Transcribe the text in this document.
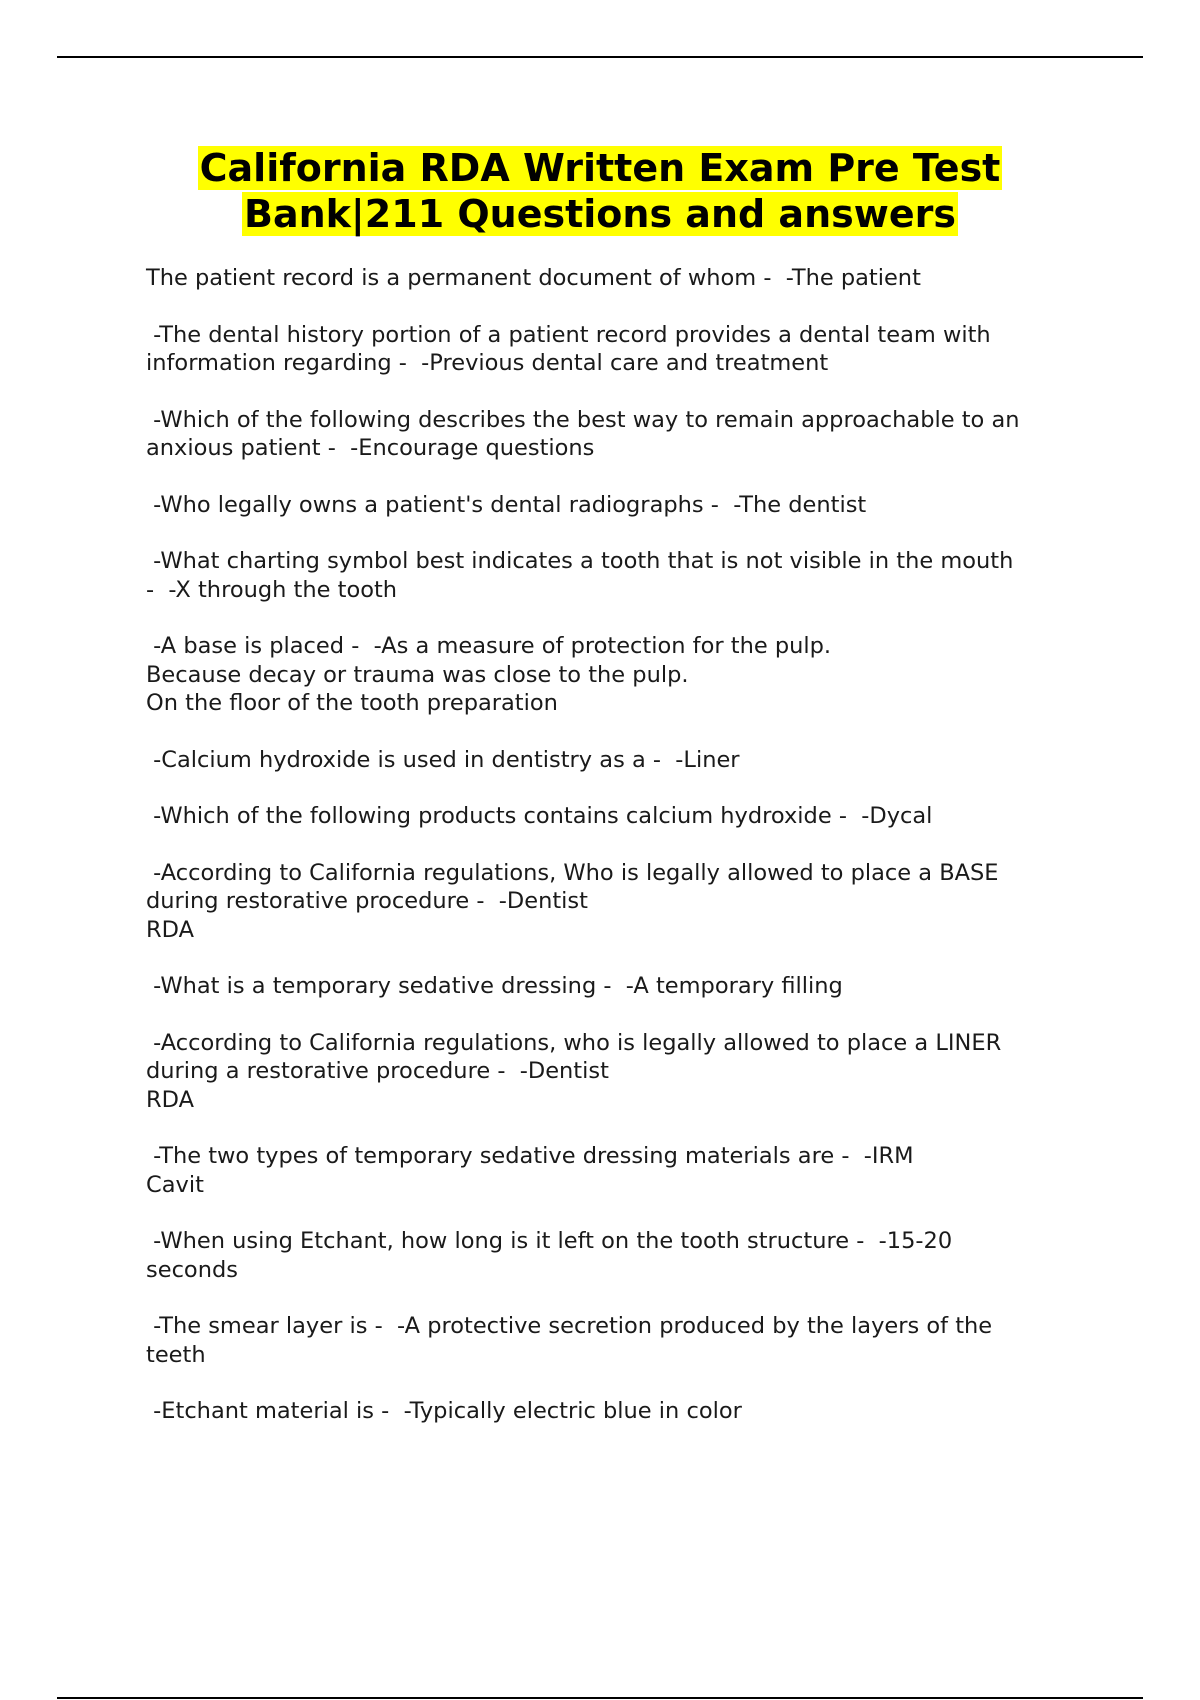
California RDA Written Exam Pre Test
Bank|211 Questions and answers

The patient record is a permanent document of whom -  -The patient

-The dental history portion of a patient record provides a dental team with
information regarding -  -Previous dental care and treatment

-Which of the following describes the best way to remain approachable to an
anxious patient -  -Encourage questions

-Who legally owns a patient's dental radiographs -  -The dentist

-What charting symbol best indicates a tooth that is not visible in the mouth
-  -X through the tooth

-A base is placed -  -As a measure of protection for the pulp.
Because decay or trauma was close to the pulp.
On the floor of the tooth preparation

-Calcium hydroxide is used in dentistry as a -  -Liner

-Which of the following products contains calcium hydroxide -  -Dycal

-According to California regulations, Who is legally allowed to place a BASE
during restorative procedure -  -Dentist
RDA

-What is a temporary sedative dressing -  -A temporary filling

-According to California regulations, who is legally allowed to place a LINER
during a restorative procedure -  -Dentist
RDA

-The two types of temporary sedative dressing materials are -  -IRM
Cavit

-When using Etchant, how long is it left on the tooth structure -  -15-20
seconds

-The smear layer is -  -A protective secretion produced by the layers of the
teeth

-Etchant material is -  -Typically electric blue in color
